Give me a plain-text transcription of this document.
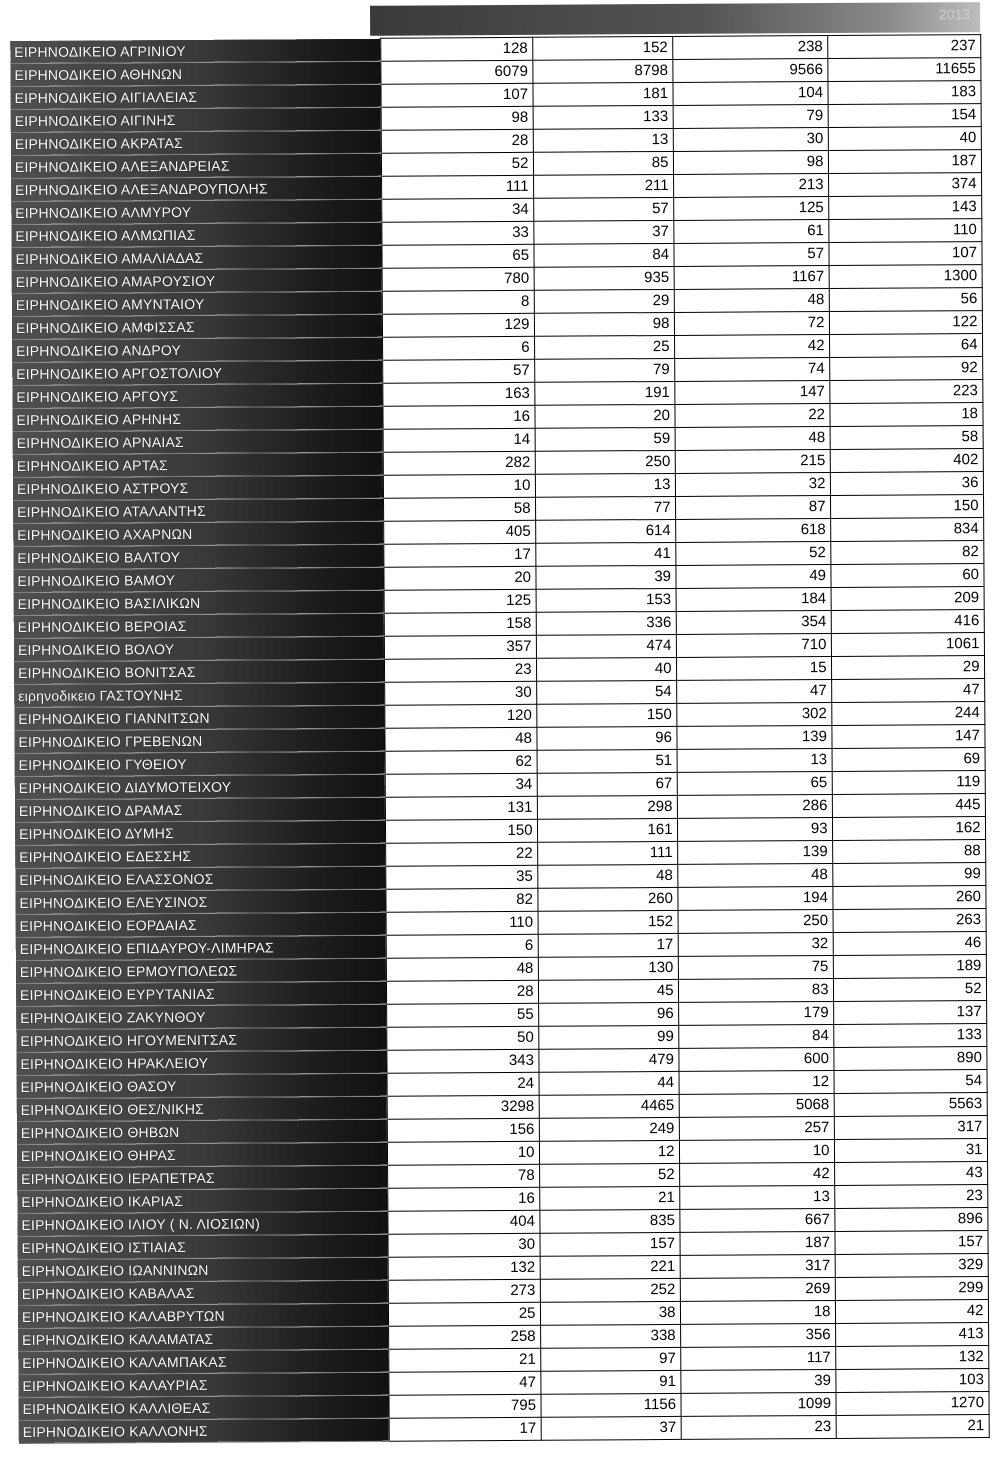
2013
ΕΙΡΗΝΟΔΙΚΕΙΟ ΑΓΡΙΝΙΟΥ	128	152	238	237
ΕΙΡΗΝΟΔΙΚΕΙΟ ΑΘΗΝΩΝ	6079	8798	9566	11655
ΕΙΡΗΝΟΔΙΚΕΙΟ ΑΙΓΙΑΛΕΙΑΣ	107	181	104	183
ΕΙΡΗΝΟΔΙΚΕΙΟ ΑΙΓΙΝΗΣ	98	133	79	154
ΕΙΡΗΝΟΔΙΚΕΙΟ ΑΚΡΑΤΑΣ	28	13	30	40
ΕΙΡΗΝΟΔΙΚΕΙΟ ΑΛΕΞΑΝΔΡΕΙΑΣ	52	85	98	187
ΕΙΡΗΝΟΔΙΚΕΙΟ ΑΛΕΞΑΝΔΡΟΥΠΟΛΗΣ	111	211	213	374
ΕΙΡΗΝΟΔΙΚΕΙΟ ΑΛΜΥΡΟΥ	34	57	125	143
ΕΙΡΗΝΟΔΙΚΕΙΟ ΑΛΜΩΠΙΑΣ	33	37	61	110
ΕΙΡΗΝΟΔΙΚΕΙΟ ΑΜΑΛΙΑΔΑΣ	65	84	57	107
ΕΙΡΗΝΟΔΙΚΕΙΟ ΑΜΑΡΟΥΣΙΟΥ	780	935	1167	1300
ΕΙΡΗΝΟΔΙΚΕΙΟ ΑΜΥΝΤΑΙΟΥ	8	29	48	56
ΕΙΡΗΝΟΔΙΚΕΙΟ ΑΜΦΙΣΣΑΣ	129	98	72	122
ΕΙΡΗΝΟΔΙΚΕΙΟ ΑΝΔΡΟΥ	6	25	42	64
ΕΙΡΗΝΟΔΙΚΕΙΟ ΑΡΓΟΣΤΟΛΙΟΥ	57	79	74	92
ΕΙΡΗΝΟΔΙΚΕΙΟ ΑΡΓΟΥΣ	163	191	147	223
ΕΙΡΗΝΟΔΙΚΕΙΟ ΑΡΗΝΗΣ	16	20	22	18
ΕΙΡΗΝΟΔΙΚΕΙΟ ΑΡΝΑΙΑΣ	14	59	48	58
ΕΙΡΗΝΟΔΙΚΕΙΟ ΑΡΤΑΣ	282	250	215	402
ΕΙΡΗΝΟΔΙΚΕΙΟ ΑΣΤΡΟΥΣ	10	13	32	36
ΕΙΡΗΝΟΔΙΚΕΙΟ ΑΤΑΛΑΝΤΗΣ	58	77	87	150
ΕΙΡΗΝΟΔΙΚΕΙΟ ΑΧΑΡΝΩΝ	405	614	618	834
ΕΙΡΗΝΟΔΙΚΕΙΟ ΒΑΛΤΟΥ	17	41	52	82
ΕΙΡΗΝΟΔΙΚΕΙΟ ΒΑΜΟΥ	20	39	49	60
ΕΙΡΗΝΟΔΙΚΕΙΟ ΒΑΣΙΛΙΚΩΝ	125	153	184	209
ΕΙΡΗΝΟΔΙΚΕΙΟ ΒΕΡΟΙΑΣ	158	336	354	416
ΕΙΡΗΝΟΔΙΚΕΙΟ ΒΟΛΟΥ	357	474	710	1061
ΕΙΡΗΝΟΔΙΚΕΙΟ ΒΟΝΙΤΣΑΣ	23	40	15	29
ειρηνοδικειο ΓΑΣΤΟΥΝΗΣ	30	54	47	47
ΕΙΡΗΝΟΔΙΚΕΙΟ ΓΙΑΝΝΙΤΣΩΝ	120	150	302	244
ΕΙΡΗΝΟΔΙΚΕΙΟ ΓΡΕΒΕΝΩΝ	48	96	139	147
ΕΙΡΗΝΟΔΙΚΕΙΟ ΓΥΘΕΙΟΥ	62	51	13	69
ΕΙΡΗΝΟΔΙΚΕΙΟ ΔΙΔΥΜΟΤΕΙΧΟΥ	34	67	65	119
ΕΙΡΗΝΟΔΙΚΕΙΟ ΔΡΑΜΑΣ	131	298	286	445
ΕΙΡΗΝΟΔΙΚΕΙΟ ΔΥΜΗΣ	150	161	93	162
ΕΙΡΗΝΟΔΙΚΕΙΟ ΕΔΕΣΣΗΣ	22	111	139	88
ΕΙΡΗΝΟΔΙΚΕΙΟ ΕΛΑΣΣΟΝΟΣ	35	48	48	99
ΕΙΡΗΝΟΔΙΚΕΙΟ ΕΛΕΥΣΙΝΟΣ	82	260	194	260
ΕΙΡΗΝΟΔΙΚΕΙΟ ΕΟΡΔΑΙΑΣ	110	152	250	263
ΕΙΡΗΝΟΔΙΚΕΙΟ ΕΠΙΔΑΥΡΟΥ-ΛΙΜΗΡΑΣ	6	17	32	46
ΕΙΡΗΝΟΔΙΚΕΙΟ ΕΡΜΟΥΠΟΛΕΩΣ	48	130	75	189
ΕΙΡΗΝΟΔΙΚΕΙΟ ΕΥΡΥΤΑΝΙΑΣ	28	45	83	52
ΕΙΡΗΝΟΔΙΚΕΙΟ ΖΑΚΥΝΘΟΥ	55	96	179	137
ΕΙΡΗΝΟΔΙΚΕΙΟ ΗΓΟΥΜΕΝΙΤΣΑΣ	50	99	84	133
ΕΙΡΗΝΟΔΙΚΕΙΟ ΗΡΑΚΛΕΙΟΥ	343	479	600	890
ΕΙΡΗΝΟΔΙΚΕΙΟ ΘΑΣΟΥ	24	44	12	54
ΕΙΡΗΝΟΔΙΚΕΙΟ ΘΕΣ/ΝΙΚΗΣ	3298	4465	5068	5563
ΕΙΡΗΝΟΔΙΚΕΙΟ ΘΗΒΩΝ	156	249	257	317
ΕΙΡΗΝΟΔΙΚΕΙΟ ΘΗΡΑΣ	10	12	10	31
ΕΙΡΗΝΟΔΙΚΕΙΟ ΙΕΡΑΠΕΤΡΑΣ	78	52	42	43
ΕΙΡΗΝΟΔΙΚΕΙΟ ΙΚΑΡΙΑΣ	16	21	13	23
ΕΙΡΗΝΟΔΙΚΕΙΟ ΙΛΙΟΥ ( Ν. ΛΙΟΣΙΩΝ)	404	835	667	896
ΕΙΡΗΝΟΔΙΚΕΙΟ ΙΣΤΙΑΙΑΣ	30	157	187	157
ΕΙΡΗΝΟΔΙΚΕΙΟ ΙΩΑΝΝΙΝΩΝ	132	221	317	329
ΕΙΡΗΝΟΔΙΚΕΙΟ ΚΑΒΑΛΑΣ	273	252	269	299
ΕΙΡΗΝΟΔΙΚΕΙΟ ΚΑΛΑΒΡΥΤΩΝ	25	38	18	42
ΕΙΡΗΝΟΔΙΚΕΙΟ ΚΑΛΑΜΑΤΑΣ	258	338	356	413
ΕΙΡΗΝΟΔΙΚΕΙΟ ΚΑΛΑΜΠΑΚΑΣ	21	97	117	132
ΕΙΡΗΝΟΔΙΚΕΙΟ ΚΑΛΑΥΡΙΑΣ	47	91	39	103
ΕΙΡΗΝΟΔΙΚΕΙΟ ΚΑΛΛΙΘΕΑΣ	795	1156	1099	1270
ΕΙΡΗΝΟΔΙΚΕΙΟ ΚΑΛΛΟΝΗΣ	17	37	23	21
